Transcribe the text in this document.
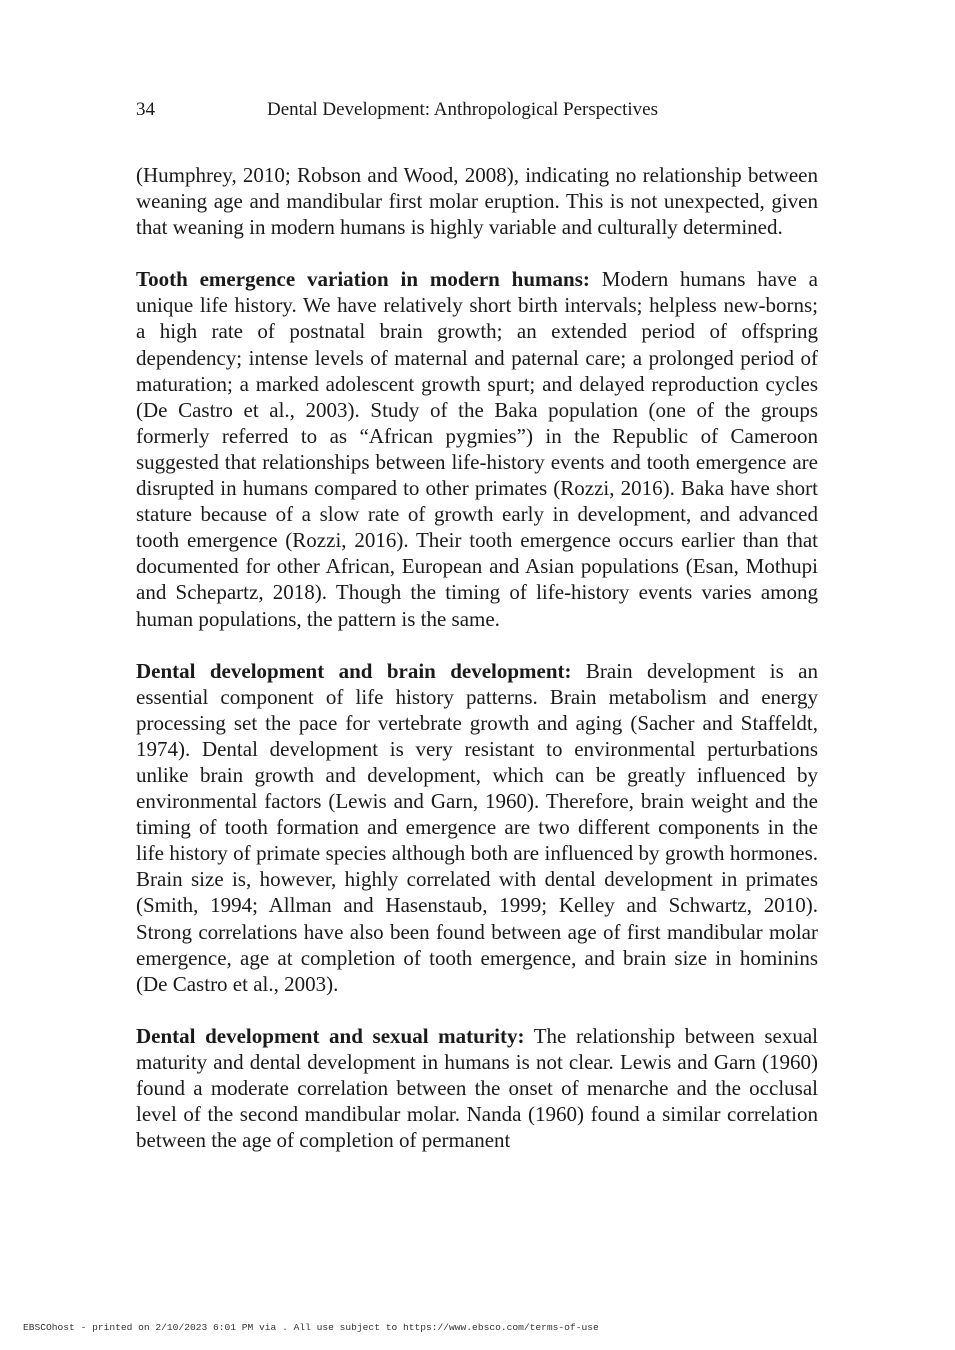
34	Dental Development: Anthropological Perspectives

(Humphrey, 2010; Robson and Wood, 2008), indicating no relationship between weaning age and mandibular first molar eruption. This is not unexpected, given that weaning in modern humans is highly variable and culturally determined.

Tooth emergence variation in modern humans: Modern humans have a unique life history. We have relatively short birth intervals; helpless new-borns; a high rate of postnatal brain growth; an extended period of offspring dependency; intense levels of maternal and paternal care; a prolonged period of maturation; a marked adolescent growth spurt; and delayed reproduction cycles (De Castro et al., 2003). Study of the Baka population (one of the groups formerly referred to as “African pygmies”) in the Republic of Cameroon suggested that relationships between life-history events and tooth emergence are disrupted in humans compared to other primates (Rozzi, 2016). Baka have short stature because of a slow rate of growth early in development, and advanced tooth emergence (Rozzi, 2016). Their tooth emergence occurs earlier than that documented for other African, European and Asian populations (Esan, Mothupi and Schepartz, 2018). Though the timing of life-history events varies among human populations, the pattern is the same.

Dental development and brain development: Brain development is an essential component of life history patterns. Brain metabolism and energy processing set the pace for vertebrate growth and aging (Sacher and Staffeldt, 1974). Dental development is very resistant to environmental perturbations unlike brain growth and development, which can be greatly influenced by environmental factors (Lewis and Garn, 1960). Therefore, brain weight and the timing of tooth formation and emergence are two different components in the life history of primate species although both are influenced by growth hormones. Brain size is, however, highly correlated with dental development in primates (Smith, 1994; Allman and Hasenstaub, 1999; Kelley and Schwartz, 2010). Strong correlations have also been found between age of first mandibular molar emergence, age at completion of tooth emergence, and brain size in hominins (De Castro et al., 2003).

Dental development and sexual maturity: The relationship between sexual maturity and dental development in humans is not clear. Lewis and Garn (1960) found a moderate correlation between the onset of menarche and the occlusal level of the second mandibular molar. Nanda (1960) found a similar correlation between the age of completion of permanent

EBSCOhost - printed on 2/10/2023 6:01 PM via . All use subject to https://www.ebsco.com/terms-of-use
